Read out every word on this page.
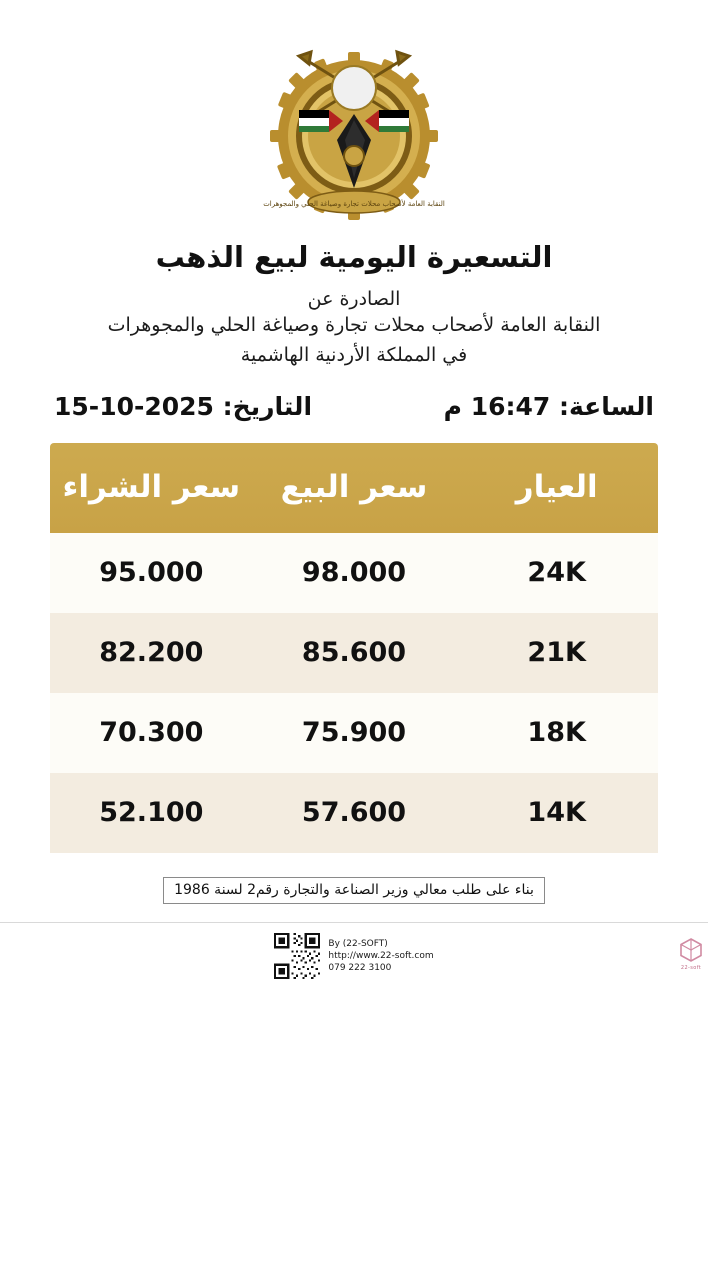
النقابة العامة لأصحاب محلات تجارة وصياغة الحلي والمجوهرات
التسعيرة اليومية لبيع الذهب
الصادرة عن
النقابة العامة لأصحاب محلات تجارة وصياغة الحلي والمجوهرات
في المملكة الأردنية الهاشمية
التاريخ: 2025-10-15	الساعة: 16:47 م
العيار	سعر البيع	سعر الشراء
24K	98.000	95.000
21K	85.600	82.200
18K	75.900	70.300
14K	57.600	52.100
بناء على طلب معالي وزير الصناعة والتجارة رقم2 لسنة 1986
22-soft
By (22-SOFT)
http://www.22-soft.com
079 222 3100
